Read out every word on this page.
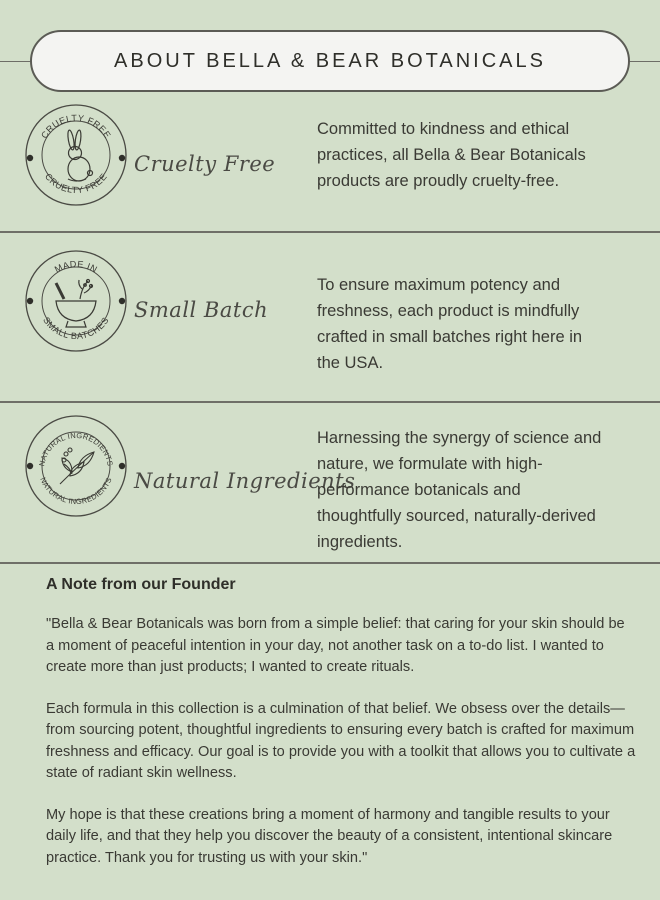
ABOUT BELLA & BEAR BOTANICALS
CRUELTY FREE
CRUELTY FREE
Cruelty Free
Committed to kindness and ethical practices, all Bella & Bear Botanicals products are proudly cruelty-free.
MADE IN
SMALL BATCHES Small Batch
To ensure maximum potency and freshness, each product is mindfully crafted in small batches right here in the USA.
NATURAL INGREDIENTS
NATURAL INGREDIENTS Natural Ingredients
Harnessing the synergy of science and nature, we formulate with high-performance botanicals and thoughtfully sourced, naturally-derived ingredients.
A Note from our Founder

"Bella & Bear Botanicals was born from a simple belief: that caring for your skin should be a moment of peaceful intention in your day, not another task on a to-do list. I wanted to create more than just products; I wanted to create rituals.

Each formula in this collection is a culmination of that belief. We obsess over the details—from sourcing potent, thoughtful ingredients to ensuring every batch is crafted for maximum freshness and efficacy. Our goal is to provide you with a toolkit that allows you to cultivate a state of radiant skin wellness.

My hope is that these creations bring a moment of harmony and tangible results to your daily life, and that they help you discover the beauty of a consistent, intentional skincare practice. Thank you for trusting us with your skin."
